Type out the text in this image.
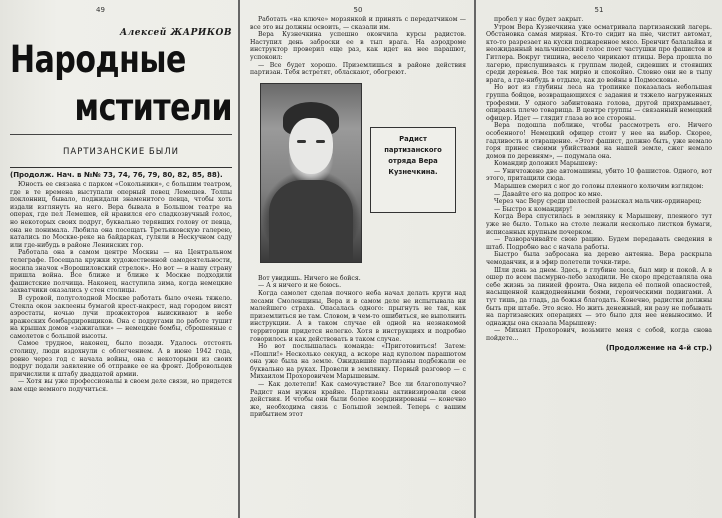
49
Алексей ЖАРИКОВ
Народные
мстители
ПАРТИЗАНСКИЕ БЫЛИ
(Продолж. Нач. в №№ 73, 74, 76, 79, 80, 82, 85, 88).

Юность ее связана с парком «Сокольники», с большим театром, где в те времена выступали оперный певец Лемешев. Толпы поклонниц, бывало, поджидали знаменитого певца, чтобы хоть издали взглянуть на него. Вера бывала в Большом театре на операх, где пел Лемешев, ей нравился его сладкозвучный голос, но некоторых своих подруг, буквально терявших голову от певца, она не понимала. Любила она посещать Третьяковскую галерею, катались по Москве-реке на байдарках, гуляли в Нескучном саду или где-нибудь в районе Ленинских гор.

Работала она в самом центре Москвы — на Центральном телеграфе. Посещала кружки художественной самодеятельности, носила значок «Ворошиловский стрелок». Но вот — в нашу страну пришла война. Все ближе и ближе к Москве подходили фашистские полчища. Наконец, наступила зима, когда немецкие захватчики оказались у стен столицы.

В суровой, полуголодной Москве работать было очень тяжело. Стекла окон заклеены бумагой крест-накрест, над городом висят аэростаты, ночью лучи прожекторов выискивают в небе вражеских бомбардировщиков. Она с подругами по работе тушит на крышах домов «зажигалки» — немецкие бомбы, сброшенные с самолетов с большой высоты.

Самое трудное, наконец, было позади. Удалось отстоять столицу, люди вздохнули с облегчением. А в июне 1942 года, ровно через год с начала войны, она с некоторыми из своих подруг подали заявление об отправке ее на фронт. Добровольцев причислили к штабу двадцатой армии.

— Хотя вы уже профессионалы в своем деле связи, но придется вам еще немного подучиться.

50

Работать «на ключе» морзянкой и принять с передатчиком — все это вы должны освоить, — сказали им.

Вера Кузнечкина успешно окончила курсы радистов. Наступил день заброски ее в тыл врага. На аэродроме инструктор проверил еще раз, как идет на нее парашют, успокоил:

— Все будет хорошо. Приземлишься в районе действия партизан. Тебя встретят, обласкают, обогреют.

Радист партизанского отряда Вера Кузнечкина.

Вот увидишь. Ничего не бойся.

— А я ничего и не боюсь.

Когда самолет сделав почного неба начал делать круги над лесами Смоленщины, Вера и в самом деле не испытывала ни малейшего страха. Опасалась одного: прыгнуть не так, как приземлиться не там. Словом, в чем-то ошибиться, не выполнить инструкции. А в таком случае ей одной на незнакомой территории придется нелегко. Хотя в инструкциях и подробно говорилось и как действовать в таком случае.

Но вот послышалась команда: «Приготовиться! Затем: «Пошли!» Несколько секунд, а вскоре над куполом парашютом она уже была на земле. Ожидавшие партизаны подбежали ее буквально на руках. Провели в землянку. Первый разговор — с Михаилом Прохоровичем Марышевым.

— Как долетели! Как самочувствие? Все ли благополучно? Радист нам нужен крайне. Партизаны активизировали свои действия. И чтобы они были более координированы — конечно же, необходима связь с Большой землей. Теперь с вашим прибытием этот

51

пробел у нас будет закрыт.

Утром Вера Кузнечкина уже осматривала партизанский лагерь. Обстановка самая мирная. Кто-то сидит на пне, чистит автомат, кто-то разрезает на куски поджаренное мясо. Бренчит балалайка и неожиданный мальчишеский голос поет частушки про фашистов и Гитлера. Вокруг тишина, весело чирикают птицы. Вера прошла по лагерю, прислушиваясь к группам людей, сидевших и стоявших среди деревьев. Все так мирно и спокойно. Словно они не в тылу врага, а где-нибудь в отдыхе, как до войны в Подмосковье.

Но вот из глубины леса на тропинке показалась небольшая группа бойцов, возвращающихся с задания и тяжело нагруженных трофеями. У одного забинтована голова, другой прихрамывает, опираясь плечо товарища. В центре группы — связанный немецкий офицер. Идет — глядит глаза во все стороны.

Вера подошла поближе, чтобы рассмотреть его. Ничего особенного! Немецкий офицер стоит у нее на выбор. Скорее, гадливость и отвращение. «Этот фашист, должно быть, уже немало горя принес своими убийствами на нашей земле, сжег немало домов по деревням», — подумала она.

Командир доложил Марышеву:

— Уничтожено две автомашины, убито 10 фашистов. Одного, вот этого, притащили сюда.

Марышев смерил с ног до головы пленного колючим взглядом:

— Давайте его на допрос ко мне.

Через час Веру среди шелеспей разыскал мальчик-ординарец:

— Быстро к командиру!

Когда Вера спустилась в землянку к Марышеву, пленного тут уже не было. Только на столе лежали несколько листков бумаги, исписанных крупным почерком.

— Разворачивайте свою рацию. Будем передавать сведения в штаб. Подробно вас с начала работы.

Быстро была забросана на дерево антенна. Вера раскрыла чемоданчик, и в эфир полетели точки-тире.

Шли день за днем. Здесь, в глубине леса, был мир и покой. А в ошер по всем пасмурно-лебо заходили. Не скоро представляла она себе жизнь за линией фронта. Она видела её полной опасностей, насыщенной каждодневными боями, героическими подвигами. А тут тишь, да гладь, да божья благодать. Конечно, радистки должны быть при штабе. Это ясно. Но жить денежный, ни разу не побывать на партизанских операциях — это было для нее невыносимо. И однажды она сказала Марышеву:

— Михаил Прохорович, возьмите меня с собой, когда снова пойдете...

(Продолжение на 4-й стр.)
